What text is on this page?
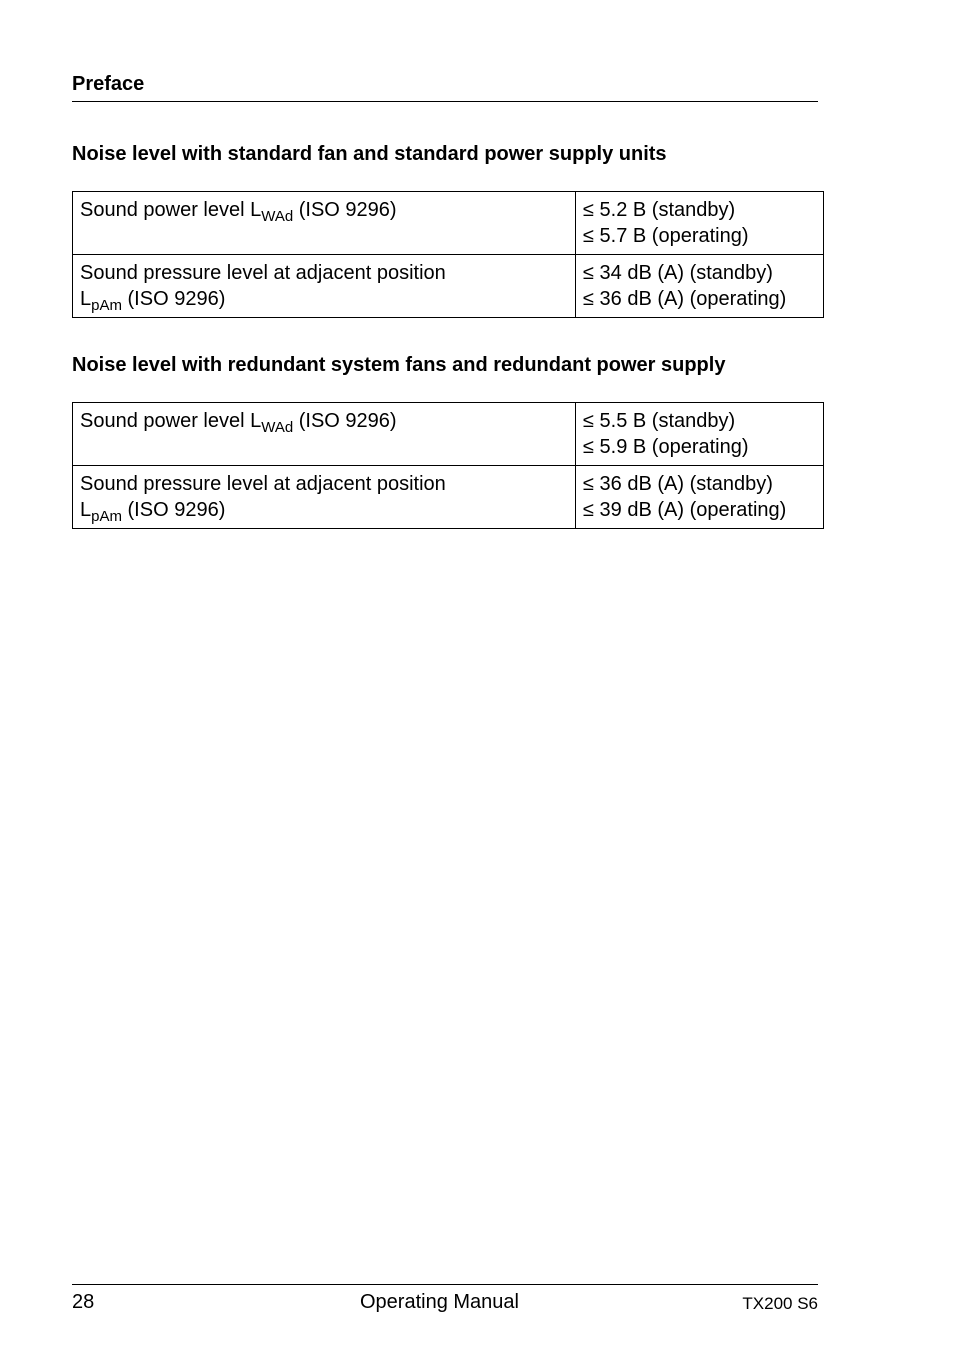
Preface
Noise level with standard fan and standard power supply units
Sound power level $L_{WAd}$ (ISO 9296)	≤ 5.2 B (standby)
≤ 5.7 B (operating)

Sound pressure level at adjacent position
$L_{pAm}$ (ISO 9296)	≤ 34 dB (A) (standby)
≤ 36 dB (A) (operating)
Noise level with redundant system fans and redundant power supply
Sound power level $L_{WAd}$ (ISO 9296)	≤ 5.5 B (standby)
≤ 5.9 B (operating)

Sound pressure level at adjacent position
$L_{pAm}$ (ISO 9296)	≤ 36 dB (A) (standby)
≤ 39 dB (A) (operating)
28	Operating Manual	TX200 S6
